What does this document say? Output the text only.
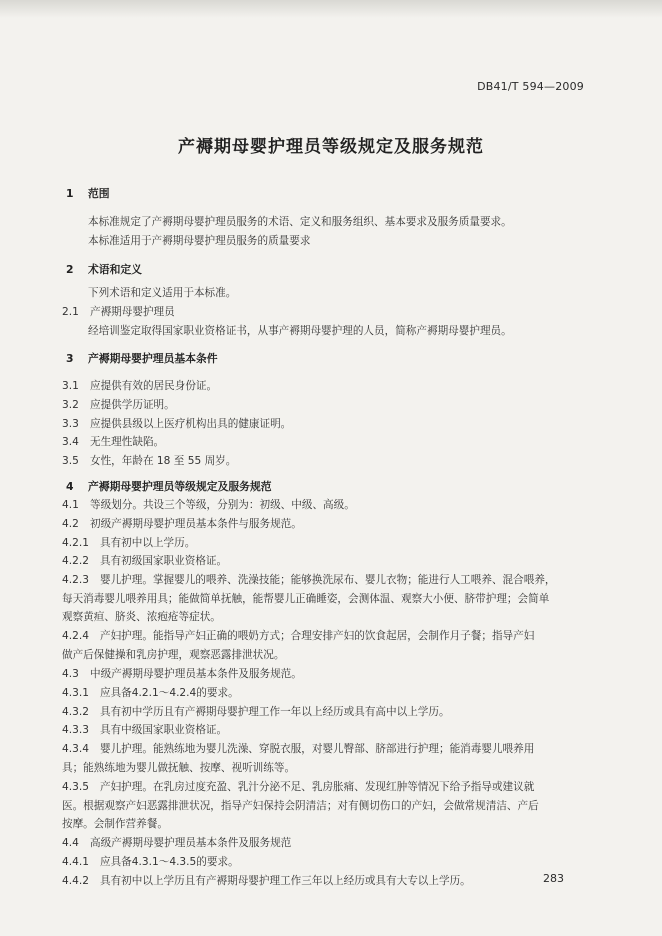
DB41/T 594—2009
产褥期母婴护理员等级规定及服务规范
1 范围
本标准规定了产褥期母婴护理员服务的术语、定义和服务组织、基本要求及服务质量要求。
本标准适用于产褥期母婴护理员服务的质量要求
2 术语和定义
下列术语和定义适用于本标准。
2.1 产褥期母婴护理员
经培训鉴定取得国家职业资格证书，从事产褥期母婴护理的人员，简称产褥期母婴护理员。
3 产褥期母婴护理员基本条件
3.1 应提供有效的居民身份证。
3.2 应提供学历证明。
3.3 应提供县级以上医疗机构出具的健康证明。
3.4 无生理性缺陷。
3.5 女性，年龄在 18 至 55 周岁。
4 产褥期母婴护理员等级规定及服务规范
4.1 等级划分。共设三个等级，分别为：初级、中级、高级。
4.2 初级产褥期母婴护理员基本条件与服务规范。
4.2.1 具有初中以上学历。
4.2.2 具有初级国家职业资格证。
4.2.3 婴儿护理。掌握婴儿的喂养、洗澡技能；能够换洗尿布、婴儿衣物；能进行人工喂养、混合喂养，
每天消毒婴儿喂养用具；能做简单抚触，能帮婴儿正确睡姿，会测体温、观察大小便、脐带护理；会简单
观察黄疸、脐炎、浓疱疮等症状。
4.2.4 产妇护理。能指导产妇正确的喂奶方式；合理安排产妇的饮食起居，会制作月子餐；指导产妇
做产后保健操和乳房护理，观察恶露排泄状况。
4.3 中级产褥期母婴护理员基本条件及服务规范。
4.3.1 应具备4.2.1～4.2.4的要求。
4.3.2 具有初中学历且有产褥期母婴护理工作一年以上经历或具有高中以上学历。
4.3.3 具有中级国家职业资格证。
4.3.4 婴儿护理。能熟练地为婴儿洗澡、穿脱衣服，对婴儿臀部、脐部进行护理；能消毒婴儿喂养用
具；能熟练地为婴儿做抚触、按摩、视听训练等。
4.3.5 产妇护理。在乳房过度充盈、乳汁分泌不足、乳房胀痛、发现红肿等情况下给予指导或建议就
医。根据观察产妇恶露排泄状况，指导产妇保持会阴清洁；对有侧切伤口的产妇，会做常规清洁、产后
按摩。会制作营养餐。
4.4 高级产褥期母婴护理员基本条件及服务规范
4.4.1 应具备4.3.1～4.3.5的要求。
4.4.2 具有初中以上学历且有产褥期母婴护理工作三年以上经历或具有大专以上学历。	283
